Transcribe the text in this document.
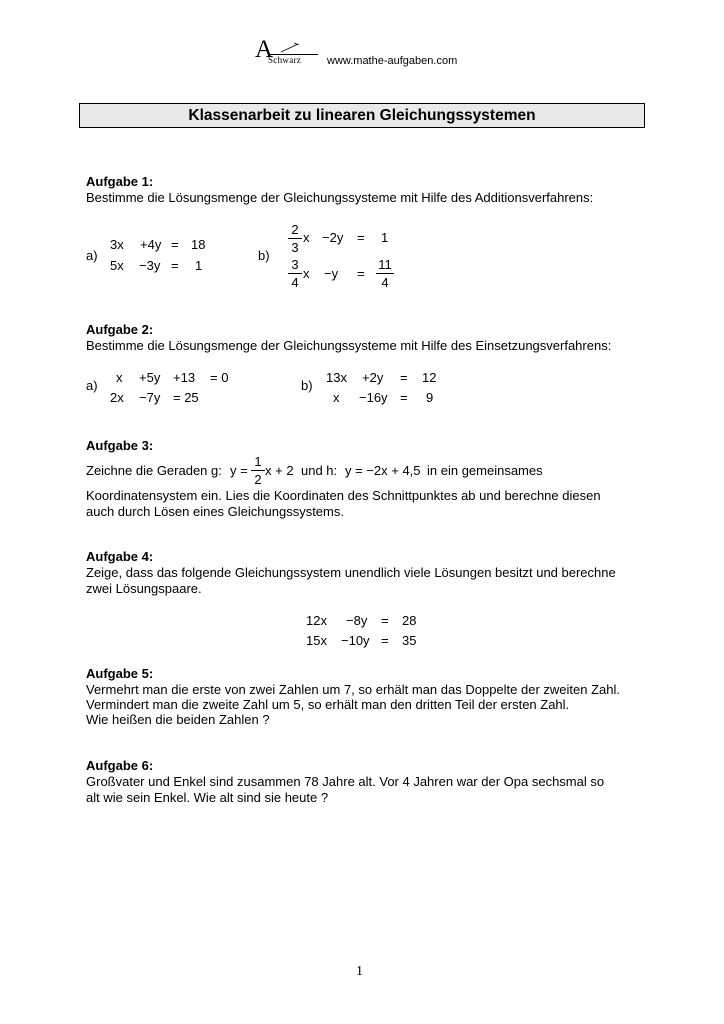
A
Schwarz www.mathe-aufgaben.com
Klassenarbeit zu linearen Gleichungssystemen
Aufgabe 1:
Bestimme die Lösungsmenge der Gleichungssysteme mit Hilfe des Additionsverfahrens:
a)
3x +4y = 18
5x −3y = 1
b)
2
3
x −2y = 1
3
4
x −y =
11
4
Aufgabe 2:
Bestimme die Lösungsmenge der Gleichungssysteme mit Hilfe des Einsetzungsverfahrens:
a)
x +5y +13 = 0
2x −7y = 25
b)
13x +2y = 12
x −16y = 9
Aufgabe 3:
Zeichne die Geraden g: y =
1
2
x + 2 und h: y = −2x + 4,5 in ein gemeinsames
Koordinatensystem ein. Lies die Koordinaten des Schnittpunktes ab und berechne diesen
auch durch Lösen eines Gleichungssystems.
Aufgabe 4:
Zeige, dass das folgende Gleichungssystem unendlich viele Lösungen besitzt und berechne
zwei Lösungspaare.
12x −8y = 28
15x −10y = 35
Aufgabe 5:
Vermehrt man die erste von zwei Zahlen um 7, so erhält man das Doppelte der zweiten Zahl.
Vermindert man die zweite Zahl um 5, so erhält man den dritten Teil der ersten Zahl.
Wie heißen die beiden Zahlen ?
Aufgabe 6:
Großvater und Enkel sind zusammen 78 Jahre alt. Vor 4 Jahren war der Opa sechsmal so
alt wie sein Enkel. Wie alt sind sie heute ?
1
